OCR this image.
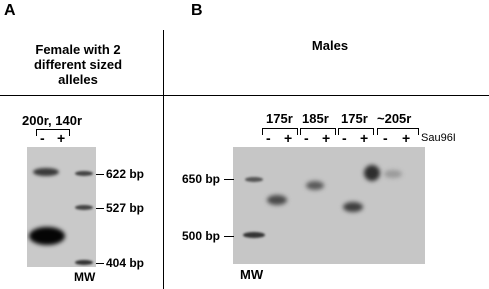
A
Female with 2
different sized
alleles
200r, 140r
- +
622 bp
527 bp
404 bp
MW
B
Males
175r 185r 175r ~205r
- + - + - + - + Sau96I
650 bp
500 bp
MW
